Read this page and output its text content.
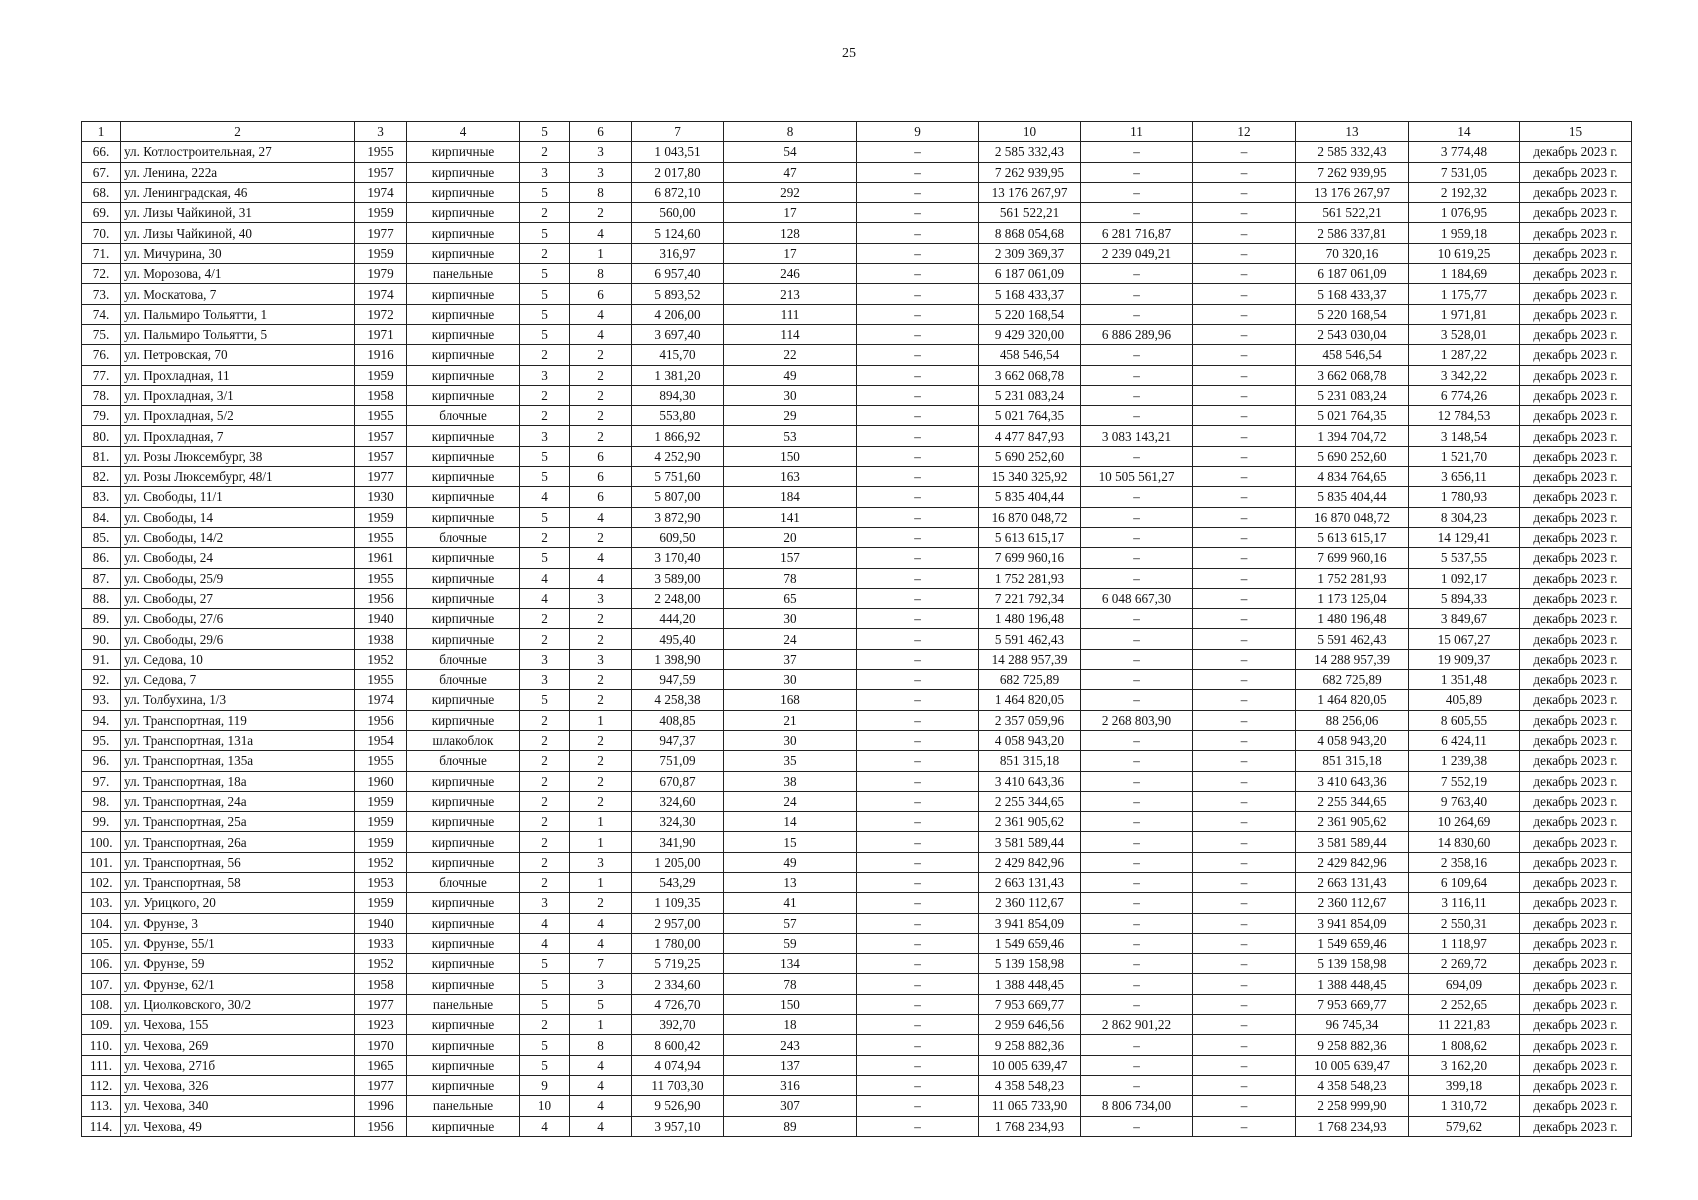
25
1	2	3	4	5	6	7	8	9	10	11	12	13	14	15
66.	ул. Котлостроительная, 27	1955	кирпичные	2	3	1 043,51	54	–	2 585 332,43	–	–	2 585 332,43	3 774,48	декабрь 2023 г.
67.	ул. Ленина, 222а	1957	кирпичные	3	3	2 017,80	47	–	7 262 939,95	–	–	7 262 939,95	7 531,05	декабрь 2023 г.
68.	ул. Ленинградская, 46	1974	кирпичные	5	8	6 872,10	292	–	13 176 267,97	–	–	13 176 267,97	2 192,32	декабрь 2023 г.
69.	ул. Лизы Чайкиной, 31	1959	кирпичные	2	2	560,00	17	–	561 522,21	–	–	561 522,21	1 076,95	декабрь 2023 г.
70.	ул. Лизы Чайкиной, 40	1977	кирпичные	5	4	5 124,60	128	–	8 868 054,68	6 281 716,87	–	2 586 337,81	1 959,18	декабрь 2023 г.
71.	ул. Мичурина, 30	1959	кирпичные	2	1	316,97	17	–	2 309 369,37	2 239 049,21	–	70 320,16	10 619,25	декабрь 2023 г.
72.	ул. Морозова, 4/1	1979	панельные	5	8	6 957,40	246	–	6 187 061,09	–	–	6 187 061,09	1 184,69	декабрь 2023 г.
73.	ул. Москатова, 7	1974	кирпичные	5	6	5 893,52	213	–	5 168 433,37	–	–	5 168 433,37	1 175,77	декабрь 2023 г.
74.	ул. Пальмиро Тольятти, 1	1972	кирпичные	5	4	4 206,00	111	–	5 220 168,54	–	–	5 220 168,54	1 971,81	декабрь 2023 г.
75.	ул. Пальмиро Тольятти, 5	1971	кирпичные	5	4	3 697,40	114	–	9 429 320,00	6 886 289,96	–	2 543 030,04	3 528,01	декабрь 2023 г.
76.	ул. Петровская, 70	1916	кирпичные	2	2	415,70	22	–	458 546,54	–	–	458 546,54	1 287,22	декабрь 2023 г.
77.	ул. Прохладная, 11	1959	кирпичные	3	2	1 381,20	49	–	3 662 068,78	–	–	3 662 068,78	3 342,22	декабрь 2023 г.
78.	ул. Прохладная, 3/1	1958	кирпичные	2	2	894,30	30	–	5 231 083,24	–	–	5 231 083,24	6 774,26	декабрь 2023 г.
79.	ул. Прохладная, 5/2	1955	блочные	2	2	553,80	29	–	5 021 764,35	–	–	5 021 764,35	12 784,53	декабрь 2023 г.
80.	ул. Прохладная, 7	1957	кирпичные	3	2	1 866,92	53	–	4 477 847,93	3 083 143,21	–	1 394 704,72	3 148,54	декабрь 2023 г.
81.	ул. Розы Люксембург, 38	1957	кирпичные	5	6	4 252,90	150	–	5 690 252,60	–	–	5 690 252,60	1 521,70	декабрь 2023 г.
82.	ул. Розы Люксембург, 48/1	1977	кирпичные	5	6	5 751,60	163	–	15 340 325,92	10 505 561,27	–	4 834 764,65	3 656,11	декабрь 2023 г.
83.	ул. Свободы, 11/1	1930	кирпичные	4	6	5 807,00	184	–	5 835 404,44	–	–	5 835 404,44	1 780,93	декабрь 2023 г.
84.	ул. Свободы, 14	1959	кирпичные	5	4	3 872,90	141	–	16 870 048,72	–	–	16 870 048,72	8 304,23	декабрь 2023 г.
85.	ул. Свободы, 14/2	1955	блочные	2	2	609,50	20	–	5 613 615,17	–	–	5 613 615,17	14 129,41	декабрь 2023 г.
86.	ул. Свободы, 24	1961	кирпичные	5	4	3 170,40	157	–	7 699 960,16	–	–	7 699 960,16	5 537,55	декабрь 2023 г.
87.	ул. Свободы, 25/9	1955	кирпичные	4	4	3 589,00	78	–	1 752 281,93	–	–	1 752 281,93	1 092,17	декабрь 2023 г.
88.	ул. Свободы, 27	1956	кирпичные	4	3	2 248,00	65	–	7 221 792,34	6 048 667,30	–	1 173 125,04	5 894,33	декабрь 2023 г.
89.	ул. Свободы, 27/6	1940	кирпичные	2	2	444,20	30	–	1 480 196,48	–	–	1 480 196,48	3 849,67	декабрь 2023 г.
90.	ул. Свободы, 29/6	1938	кирпичные	2	2	495,40	24	–	5 591 462,43	–	–	5 591 462,43	15 067,27	декабрь 2023 г.
91.	ул. Седова, 10	1952	блочные	3	3	1 398,90	37	–	14 288 957,39	–	–	14 288 957,39	19 909,37	декабрь 2023 г.
92.	ул. Седова, 7	1955	блочные	3	2	947,59	30	–	682 725,89	–	–	682 725,89	1 351,48	декабрь 2023 г.
93.	ул. Толбухина, 1/3	1974	кирпичные	5	2	4 258,38	168	–	1 464 820,05	–	–	1 464 820,05	405,89	декабрь 2023 г.
94.	ул. Транспортная, 119	1956	кирпичные	2	1	408,85	21	–	2 357 059,96	2 268 803,90	–	88 256,06	8 605,55	декабрь 2023 г.
95.	ул. Транспортная, 131а	1954	шлакоблок	2	2	947,37	30	–	4 058 943,20	–	–	4 058 943,20	6 424,11	декабрь 2023 г.
96.	ул. Транспортная, 135а	1955	блочные	2	2	751,09	35	–	851 315,18	–	–	851 315,18	1 239,38	декабрь 2023 г.
97.	ул. Транспортная, 18а	1960	кирпичные	2	2	670,87	38	–	3 410 643,36	–	–	3 410 643,36	7 552,19	декабрь 2023 г.
98.	ул. Транспортная, 24а	1959	кирпичные	2	2	324,60	24	–	2 255 344,65	–	–	2 255 344,65	9 763,40	декабрь 2023 г.
99.	ул. Транспортная, 25а	1959	кирпичные	2	1	324,30	14	–	2 361 905,62	–	–	2 361 905,62	10 264,69	декабрь 2023 г.
100.	ул. Транспортная, 26а	1959	кирпичные	2	1	341,90	15	–	3 581 589,44	–	–	3 581 589,44	14 830,60	декабрь 2023 г.
101.	ул. Транспортная, 56	1952	кирпичные	2	3	1 205,00	49	–	2 429 842,96	–	–	2 429 842,96	2 358,16	декабрь 2023 г.
102.	ул. Транспортная, 58	1953	блочные	2	1	543,29	13	–	2 663 131,43	–	–	2 663 131,43	6 109,64	декабрь 2023 г.
103.	ул. Урицкого, 20	1959	кирпичные	3	2	1 109,35	41	–	2 360 112,67	–	–	2 360 112,67	3 116,11	декабрь 2023 г.
104.	ул. Фрунзе, 3	1940	кирпичные	4	4	2 957,00	57	–	3 941 854,09	–	–	3 941 854,09	2 550,31	декабрь 2023 г.
105.	ул. Фрунзе, 55/1	1933	кирпичные	4	4	1 780,00	59	–	1 549 659,46	–	–	1 549 659,46	1 118,97	декабрь 2023 г.
106.	ул. Фрунзе, 59	1952	кирпичные	5	7	5 719,25	134	–	5 139 158,98	–	–	5 139 158,98	2 269,72	декабрь 2023 г.
107.	ул. Фрунзе, 62/1	1958	кирпичные	5	3	2 334,60	78	–	1 388 448,45	–	–	1 388 448,45	694,09	декабрь 2023 г.
108.	ул. Циолковского, 30/2	1977	панельные	5	5	4 726,70	150	–	7 953 669,77	–	–	7 953 669,77	2 252,65	декабрь 2023 г.
109.	ул. Чехова, 155	1923	кирпичные	2	1	392,70	18	–	2 959 646,56	2 862 901,22	–	96 745,34	11 221,83	декабрь 2023 г.
110.	ул. Чехова, 269	1970	кирпичные	5	8	8 600,42	243	–	9 258 882,36	–	–	9 258 882,36	1 808,62	декабрь 2023 г.
111.	ул. Чехова, 271б	1965	кирпичные	5	4	4 074,94	137	–	10 005 639,47	–	–	10 005 639,47	3 162,20	декабрь 2023 г.
112.	ул. Чехова, 326	1977	кирпичные	9	4	11 703,30	316	–	4 358 548,23	–	–	4 358 548,23	399,18	декабрь 2023 г.
113.	ул. Чехова, 340	1996	панельные	10	4	9 526,90	307	–	11 065 733,90	8 806 734,00	–	2 258 999,90	1 310,72	декабрь 2023 г.
114.	ул. Чехова, 49	1956	кирпичные	4	4	3 957,10	89	–	1 768 234,93	–	–	1 768 234,93	579,62	декабрь 2023 г.
